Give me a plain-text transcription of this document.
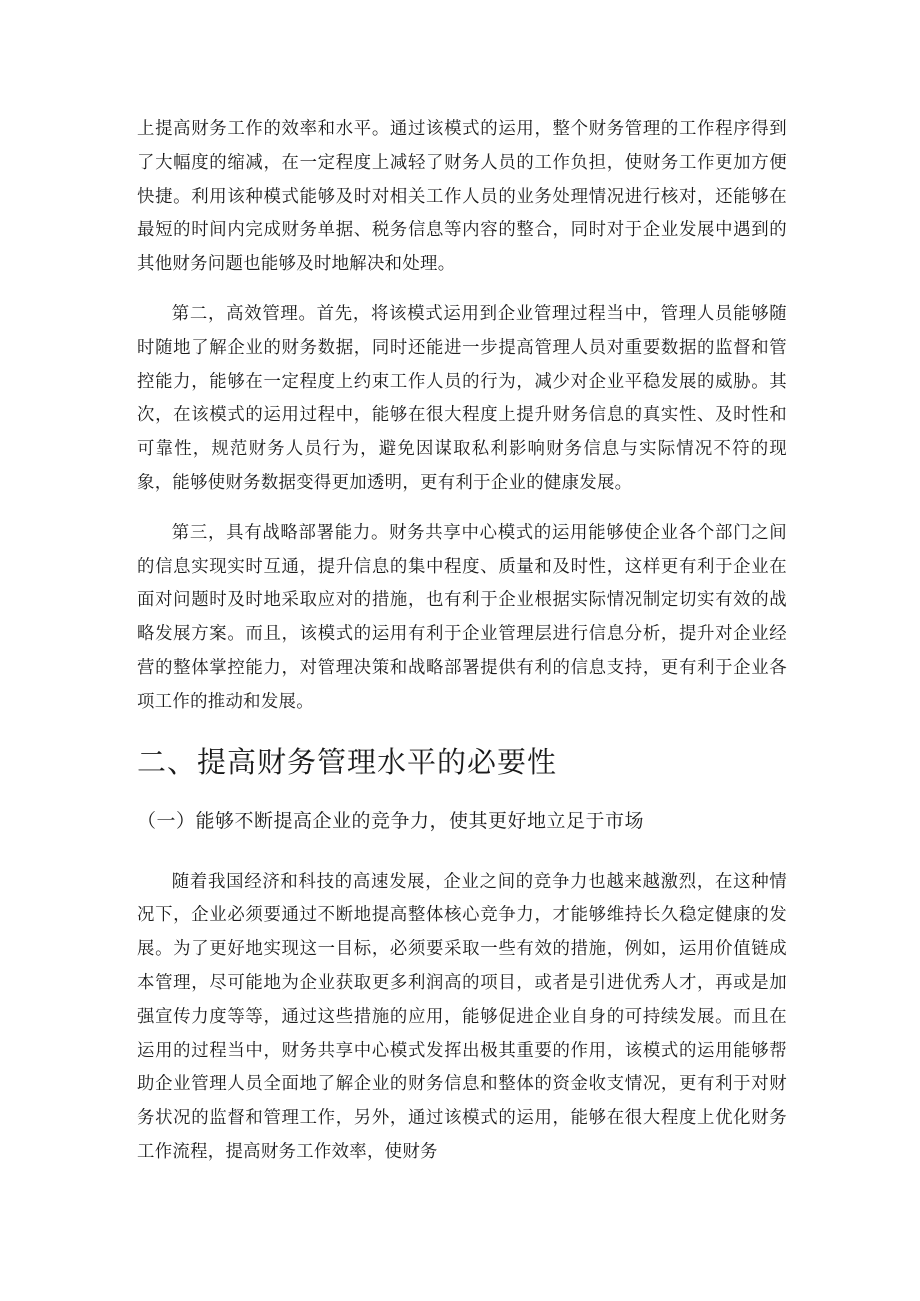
上提高财务工作的效率和水平。通过该模式的运用，整个财务管理的工作程序得到了大幅度的缩减，在一定程度上减轻了财务人员的工作负担，使财务工作更加方便快捷。利用该种模式能够及时对相关工作人员的业务处理情况进行核对，还能够在最短的时间内完成财务单据、税务信息等内容的整合，同时对于企业发展中遇到的其他财务问题也能够及时地解决和处理。

第二，高效管理。首先，将该模式运用到企业管理过程当中，管理人员能够随时随地了解企业的财务数据，同时还能进一步提高管理人员对重要数据的监督和管控能力，能够在一定程度上约束工作人员的行为，减少对企业平稳发展的威胁。其次，在该模式的运用过程中，能够在很大程度上提升财务信息的真实性、及时性和可靠性，规范财务人员行为，避免因谋取私利影响财务信息与实际情况不符的现象，能够使财务数据变得更加透明，更有利于企业的健康发展。

第三，具有战略部署能力。财务共享中心模式的运用能够使企业各个部门之间的信息实现实时互通，提升信息的集中程度、质量和及时性，这样更有利于企业在面对问题时及时地采取应对的措施，也有利于企业根据实际情况制定切实有效的战略发展方案。而且，该模式的运用有利于企业管理层进行信息分析，提升对企业经营的整体掌控能力，对管理决策和战略部署提供有利的信息支持，更有利于企业各项工作的推动和发展。

二、提高财务管理水平的必要性
（一）能够不断提高企业的竞争力，使其更好地立足于市场

随着我国经济和科技的高速发展，企业之间的竞争力也越来越激烈，在这种情况下，企业必须要通过不断地提高整体核心竞争力，才能够维持长久稳定健康的发展。为了更好地实现这一目标，必须要采取一些有效的措施，例如，运用价值链成本管理，尽可能地为企业获取更多利润高的项目，或者是引进优秀人才，再或是加强宣传力度等等，通过这些措施的应用，能够促进企业自身的可持续发展。而且在运用的过程当中，财务共享中心模式发挥出极其重要的作用，该模式的运用能够帮助企业管理人员全面地了解企业的财务信息和整体的资金收支情况，更有利于对财务状况的监督和管理工作，另外，通过该模式的运用，能够在很大程度上优化财务工作流程，提高财务工作效率，使财务
